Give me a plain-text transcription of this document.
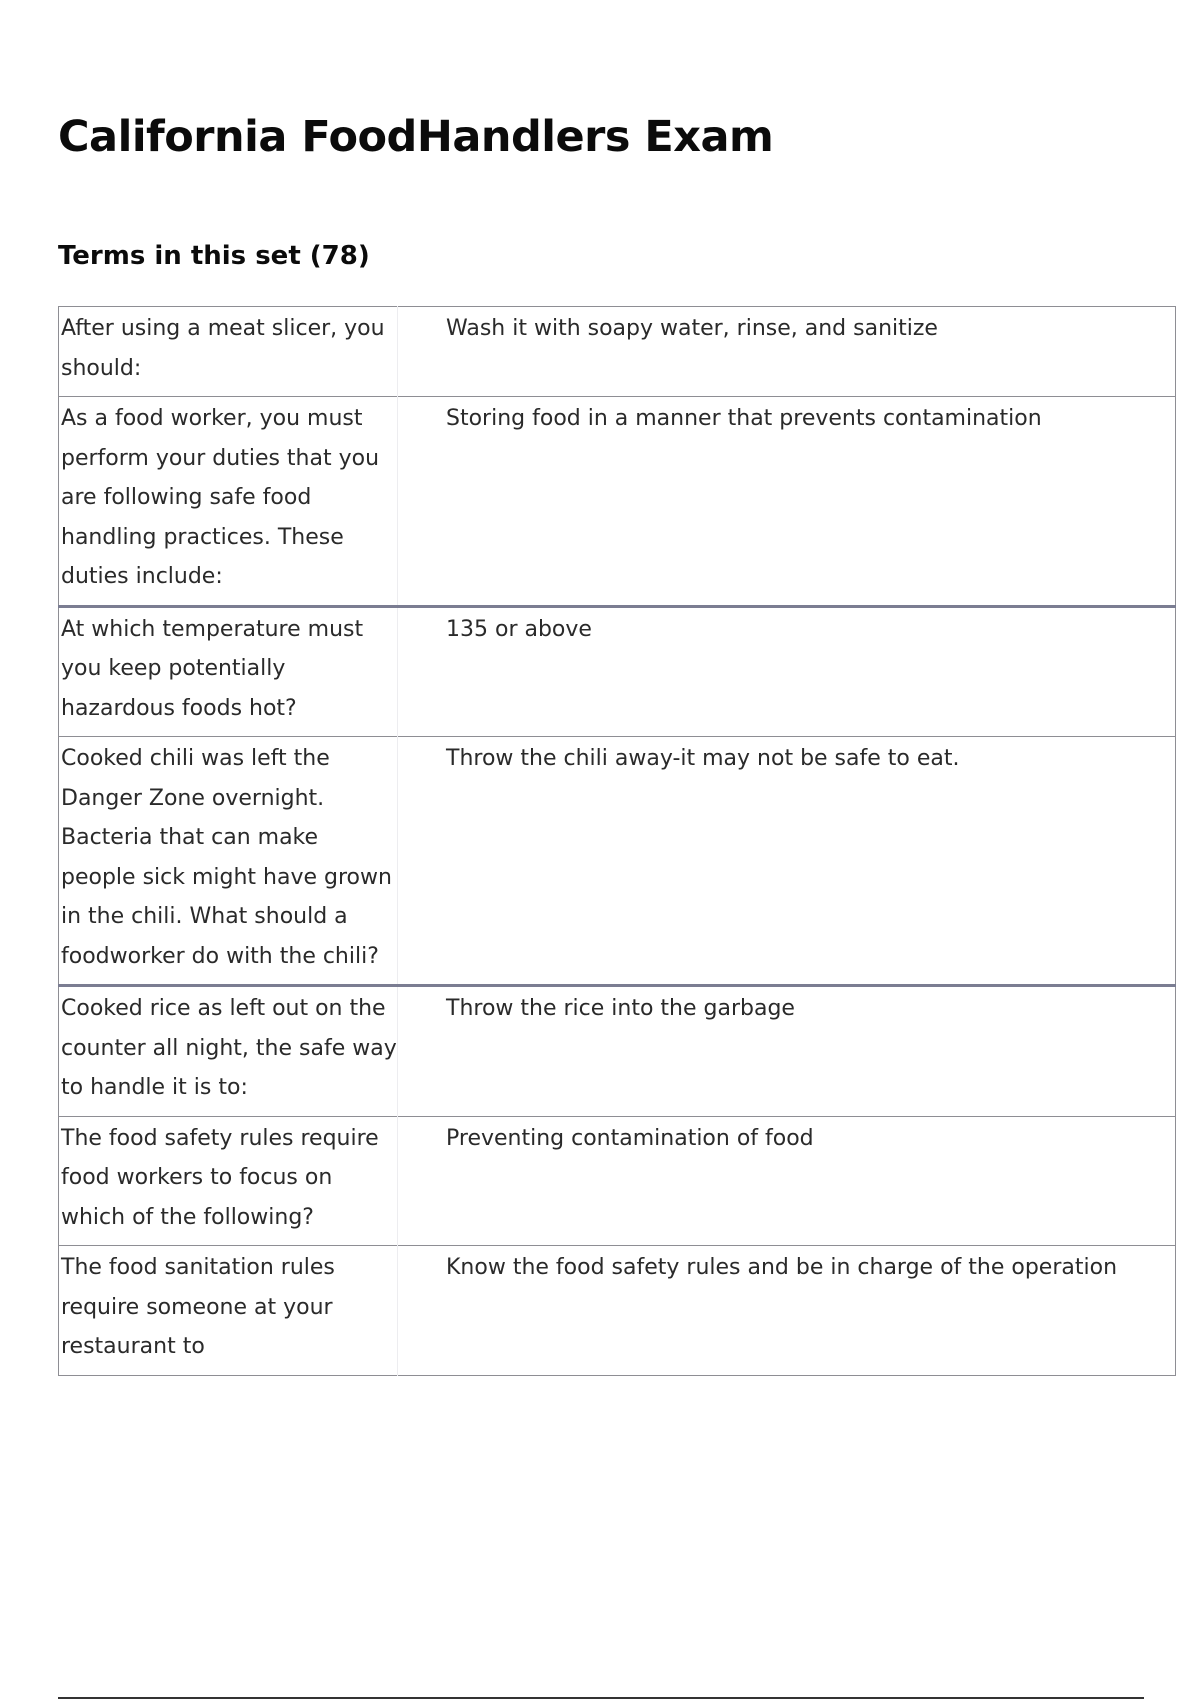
California FoodHandlers Exam
Terms in this set (78)
After using a meat slicer, you should:	Wash it with soapy water, rinse, and sanitize
As a food worker, you must perform your duties that you are following safe food handling practices. These duties include:	Storing food in a manner that prevents contamination
At which temperature must you keep potentially hazardous foods hot?	135 or above
Cooked chili was left the Danger Zone overnight. Bacteria that can make people sick might have grown in the chili. What should a foodworker do with the chili?	Throw the chili away-it may not be safe to eat.
Cooked rice as left out on the counter all night, the safe way to handle it is to:	Throw the rice into the garbage
The food safety rules require food workers to focus on which of the following?	Preventing contamination of food
The food sanitation rules require someone at your restaurant to	Know the food safety rules and be in charge of the operation
